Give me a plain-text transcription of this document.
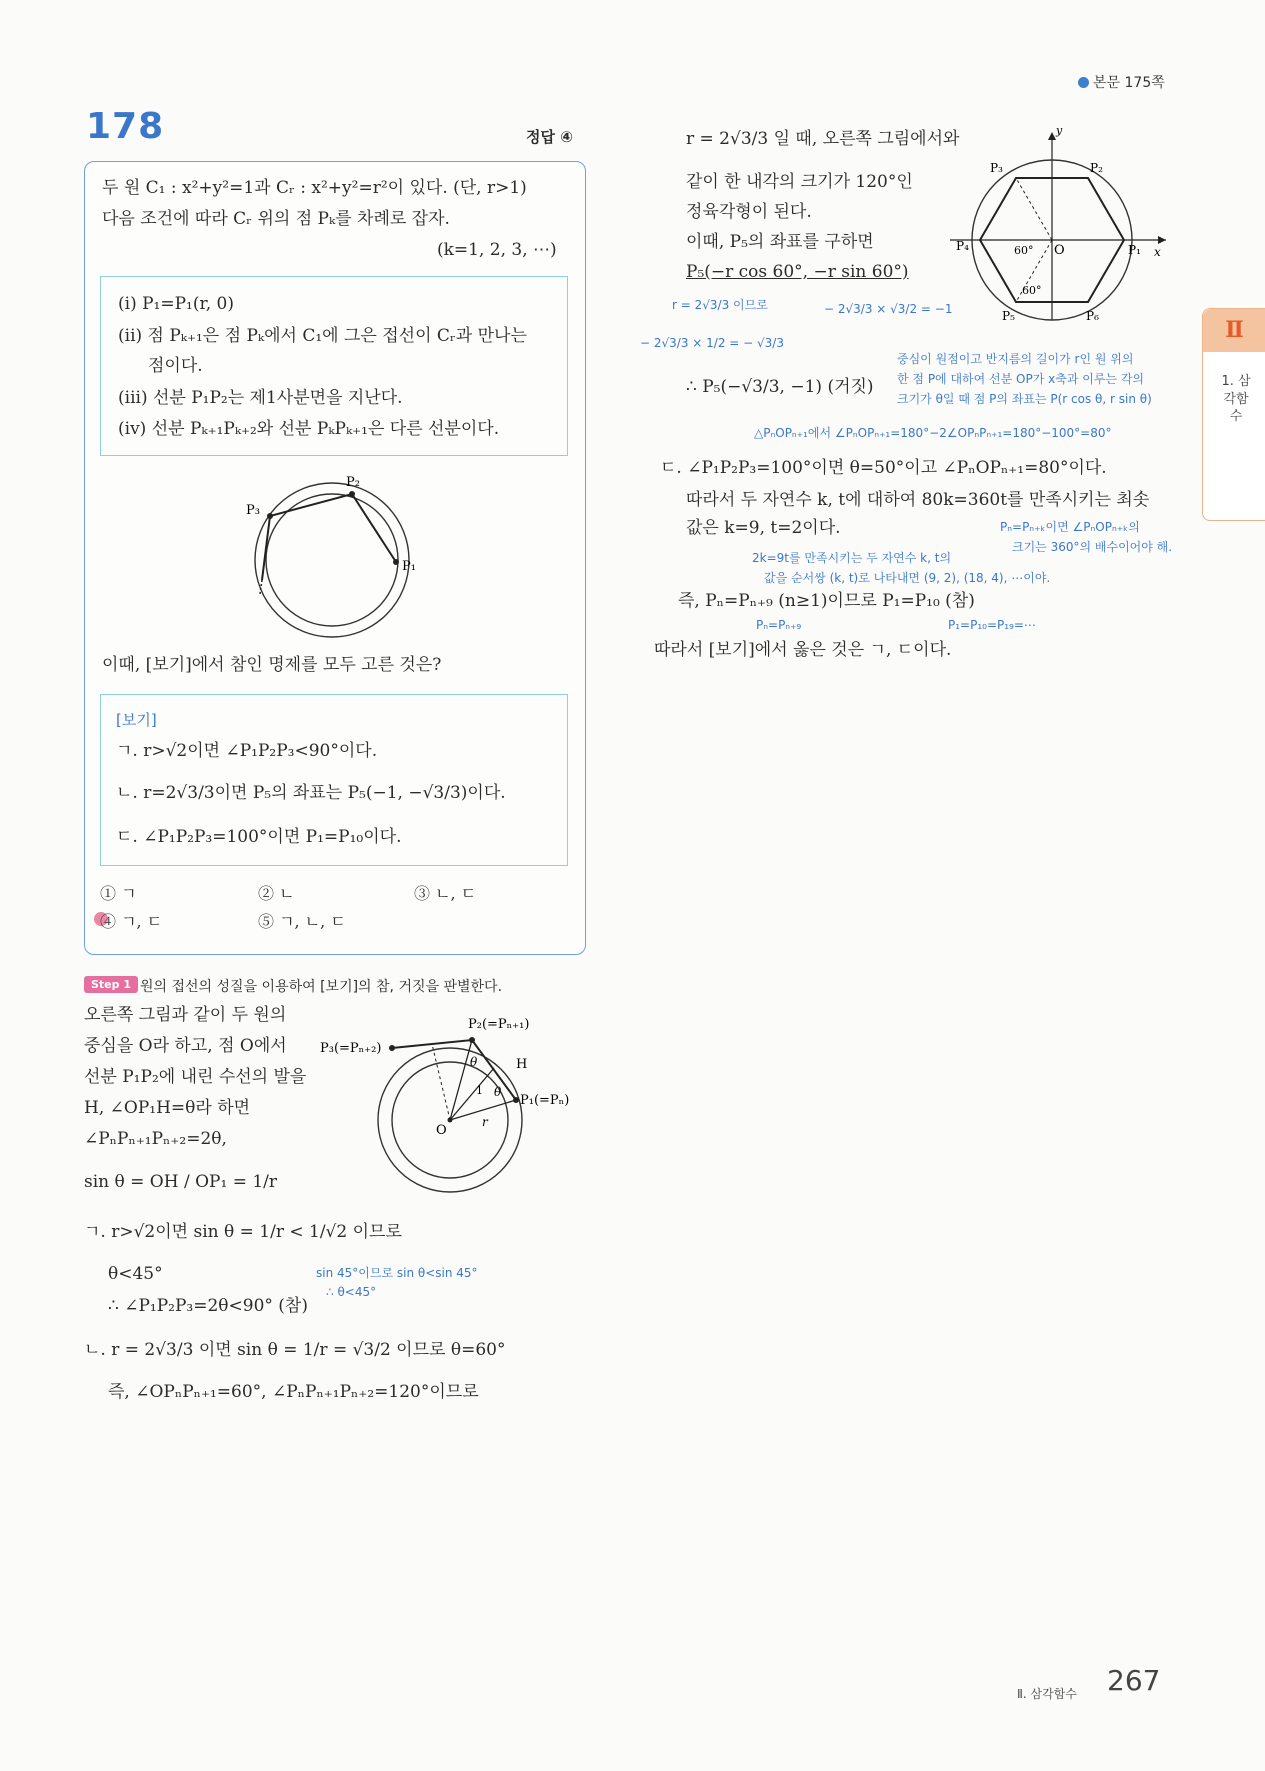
본문 175쪽
178	정답 ④
두 원 C₁ : x²+y²=1과 Cᵣ : x²+y²=r²이 있다. (단, r>1)
다음 조건에 따라 Cᵣ 위의 점 Pₖ를 차례로 잡자.
(k=1, 2, 3, ⋯)
(i) P₁=P₁(r, 0)
(ii) 점 Pₖ₊₁은 점 Pₖ에서 C₁에 그은 접선이 Cᵣ과 만나는
점이다.
(iii) 선분 P₁P₂는 제1사분면을 지난다.
(iv) 선분 Pₖ₊₁Pₖ₊₂와 선분 PₖPₖ₊₁은 다른 선분이다.
P₁
P₂
P₃
이때, [보기]에서 참인 명제를 모두 고른 것은?
[보기]
ㄱ. r>√2이면 ∠P₁P₂P₃<90°이다.
ㄴ. r=2√3/3이면 P₅의 좌표는 P₅(−1, −√3/3)이다.
ㄷ. ∠P₁P₂P₃=100°이면 P₁=P₁₀이다.
① ㄱ	② ㄴ	③ ㄴ, ㄷ
④ ㄱ, ㄷ	⑤ ㄱ, ㄴ, ㄷ
Step 1 원의 접선의 성질을 이용하여 [보기]의 참, 거짓을 판별한다.
오른쪽 그림과 같이 두 원의
중심을 O라 하고, 점 O에서
선분 P₁P₂에 내린 수선의 발을
H, ∠OP₁H=θ라 하면
∠PₙPₙ₊₁Pₙ₊₂=2θ,
sin θ = OH / OP₁ = 1/r
ㄱ. r>√2이면 sin θ = 1/r < 1/√2 이므로
θ<45°	sin 45°이므로 sin θ<sin 45°
∴ θ<45°
∴ ∠P₁P₂P₃=2θ<90° (참)
ㄴ. r = 2√3/3 이면 sin θ = 1/r = √3/2 이므로 θ=60°
즉, ∠OPₙPₙ₊₁=60°, ∠PₙPₙ₊₁Pₙ₊₂=120°이므로
P₂(=Pₙ₊₁)
P₃(=Pₙ₊₂)
P₁(=Pₙ)
H
O
r
θ
θ
1
r = 2√3/3 일 때, 오른쪽 그림에서와
같이 한 내각의 크기가 120°인
정육각형이 된다.
이때, P₅의 좌표를 구하면
P₅(−r cos 60°, −r sin 60°)
r = 2√3/3 이므로	− 2√3/3 × √3/2 = −1
− 2√3/3 × 1/2 = − √3/3
∴ P₅(−√3/3, −1) (거짓)
중심이 원점이고 반지름의 길이가 r인 원 위의
한 점 P에 대하여 선분 OP가 x축과 이루는 각의
크기가 θ일 때 점 P의 좌표는 P(r cos θ, r sin θ)
△PₙOPₙ₊₁에서 ∠PₙOPₙ₊₁=180°−2∠OPₙPₙ₊₁=180°−100°=80°
ㄷ. ∠P₁P₂P₃=100°이면 θ=50°이고 ∠PₙOPₙ₊₁=80°이다.
따라서 두 자연수 k, t에 대하여 80k=360t를 만족시키는 최솟
값은 k=9, t=2이다.	Pₙ=Pₙ₊ₖ이면 ∠PₙOPₙ₊ₖ의
크기는 360°의 배수이어야 해.
2k=9t를 만족시키는 두 자연수 k, t의
값을 순서쌍 (k, t)로 나타내면 (9, 2), (18, 4), ⋯이야.
즉, Pₙ=Pₙ₊₉ (n≥1)이므로 P₁=P₁₀ (참)
Pₙ=Pₙ₊₉	P₁=P₁₀=P₁₉=⋯
따라서 [보기]에서 옳은 것은 ㄱ, ㄷ이다.
y
x
O	P₁
P₂
P₃
P₄
P₅	P₆
60°
60°
Ⅱ
1. 삼각함수
Ⅱ. 삼각함수 267
